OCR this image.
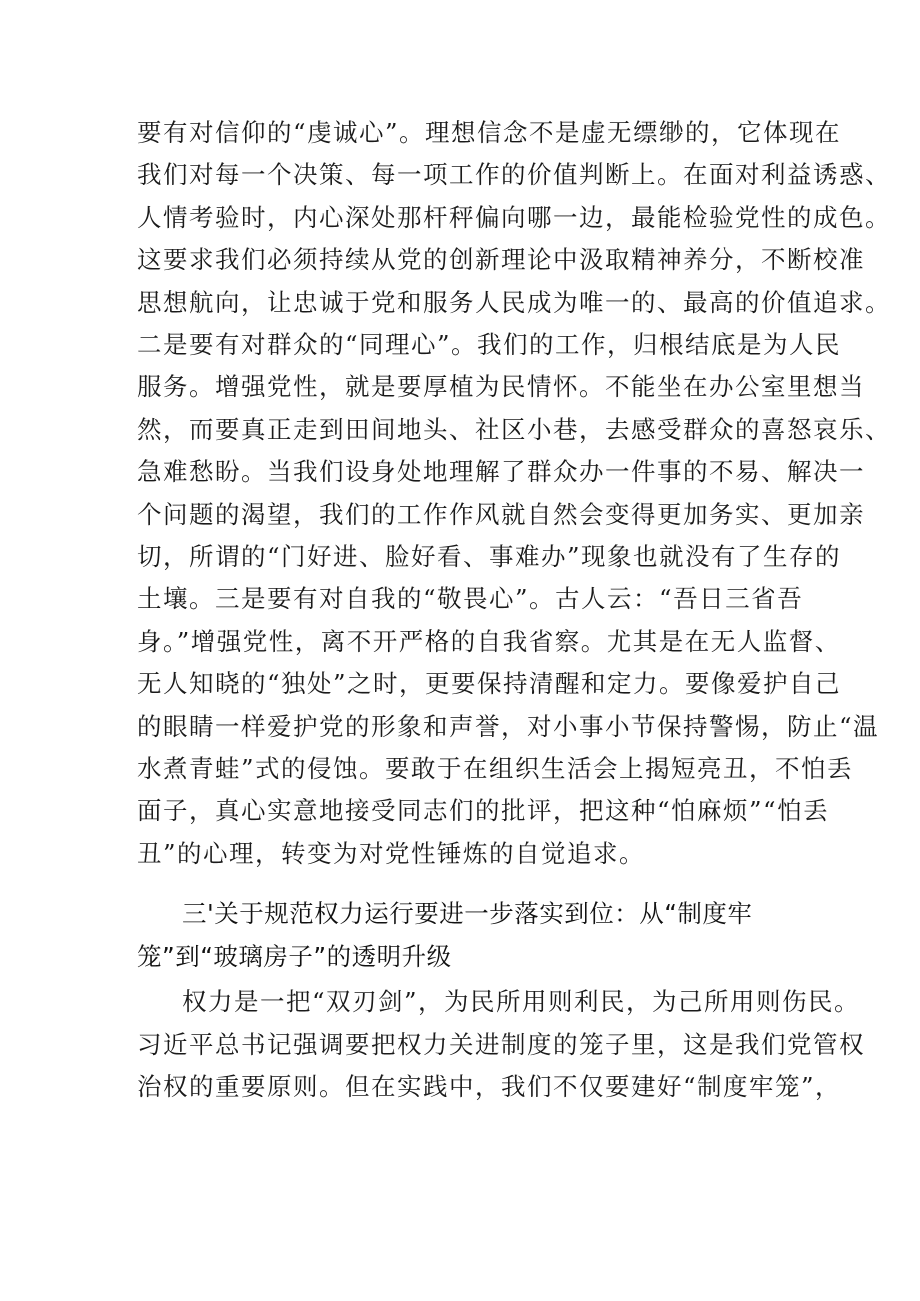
要有对信仰的“虔诚心”。理想信念不是虚无缥缈的，它体现在
我们对每一个决策、每一项工作的价值判断上。在面对利益诱惑、
人情考验时，内心深处那杆秤偏向哪一边，最能检验党性的成色。
这要求我们必须持续从党的创新理论中汲取精神养分，不断校准
思想航向，让忠诚于党和服务人民成为唯一的、最高的价值追求。
二是要有对群众的“同理心”。我们的工作，归根结底是为人民
服务。增强党性，就是要厚植为民情怀。不能坐在办公室里想当
然，而要真正走到田间地头、社区小巷，去感受群众的喜怒哀乐、
急难愁盼。当我们设身处地理解了群众办一件事的不易、解决一
个问题的渴望，我们的工作作风就自然会变得更加务实、更加亲
切，所谓的“门好进、脸好看、事难办”现象也就没有了生存的
土壤。三是要有对自我的“敬畏心”。古人云：“吾日三省吾
身。”增强党性，离不开严格的自我省察。尤其是在无人监督、
无人知晓的“独处”之时，更要保持清醒和定力。要像爱护自己
的眼睛一样爱护党的形象和声誉，对小事小节保持警惕，防止“温
水煮青蛙”式的侵蚀。要敢于在组织生活会上揭短亮丑，不怕丢
面子，真心实意地接受同志们的批评，把这种“怕麻烦”“怕丢
丑”的心理，转变为对党性锤炼的自觉追求。
三'关于规范权力运行要进一步落实到位：从“制度牢
笼”到“玻璃房子”的透明升级
权力是一把“双刃剑”，为民所用则利民，为己所用则伤民。
习近平总书记强调要把权力关进制度的笼子里，这是我们党管权
治权的重要原则。但在实践中，我们不仅要建好“制度牢笼”，
